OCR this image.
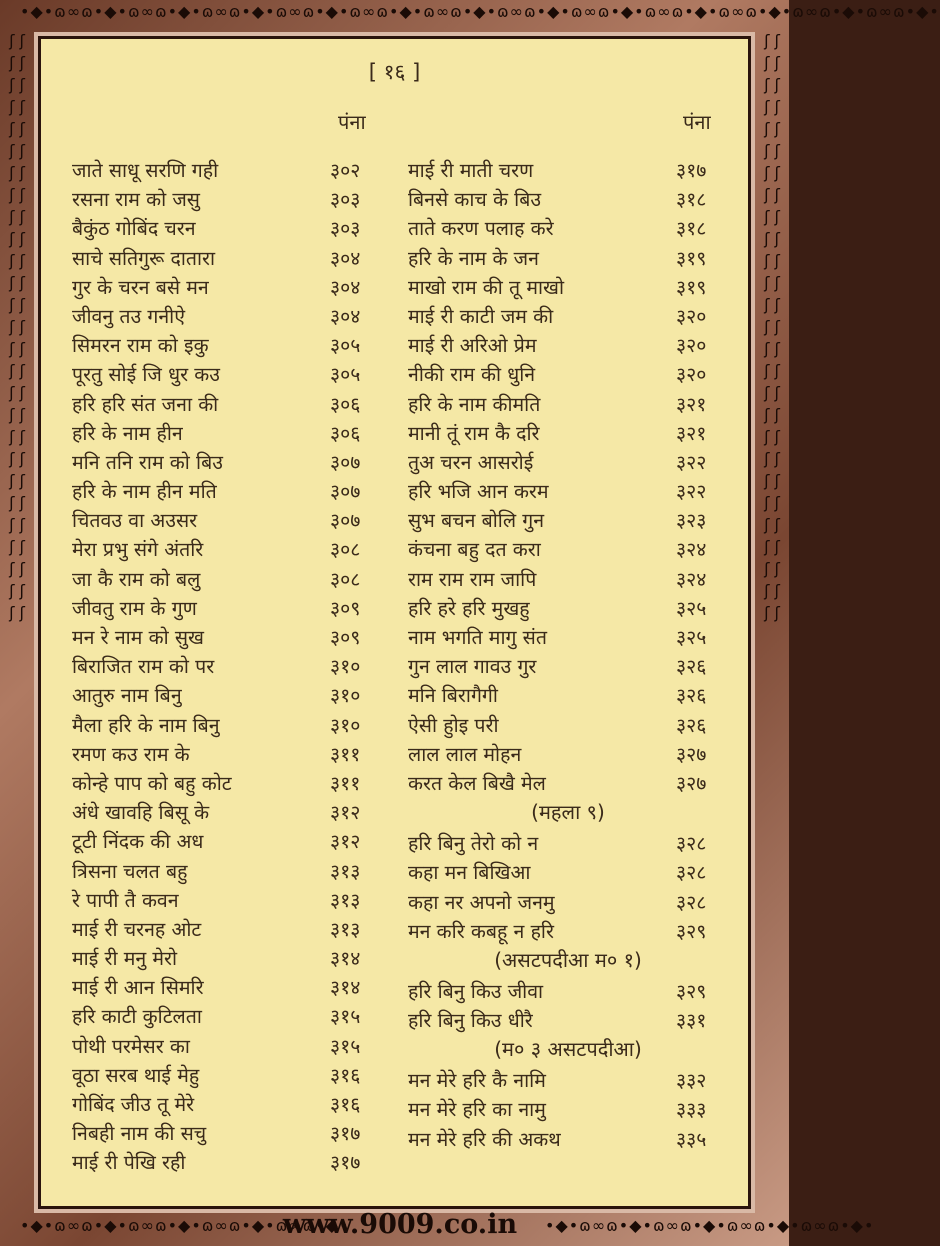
•◆•ɷ∞ɷ•◆•ɷ∞ɷ•◆•ɷ∞ɷ•◆•ɷ∞ɷ•◆•ɷ∞ɷ•◆•ɷ∞ɷ•◆•ɷ∞ɷ•◆•ɷ∞ɷ•◆•ɷ∞ɷ•◆•ɷ∞ɷ•◆•ɷ∞ɷ•◆•ɷ∞ɷ•◆•
ʃ ʃ ʃ ʃ ʃ ʃ ʃ ʃ ʃ ʃ ʃ ʃ ʃ ʃ ʃ ʃ ʃ ʃ ʃ ʃ ʃ ʃ ʃ ʃ ʃ ʃ ʃ ʃ ʃ ʃ ʃ ʃ ʃ ʃ ʃ ʃ ʃ ʃ ʃ ʃ ʃ ʃ ʃ ʃ ʃ ʃ ʃ ʃ ʃ ʃ ʃ ʃ ʃ ʃ
ʃ ʃ ʃ ʃ ʃ ʃ ʃ ʃ ʃ ʃ ʃ ʃ ʃ ʃ ʃ ʃ ʃ ʃ ʃ ʃ ʃ ʃ ʃ ʃ ʃ ʃ ʃ ʃ ʃ ʃ ʃ ʃ ʃ ʃ ʃ ʃ ʃ ʃ ʃ ʃ ʃ ʃ ʃ ʃ ʃ ʃ ʃ ʃ ʃ ʃ ʃ ʃ ʃ ʃ
•◆•ɷ∞ɷ•◆•ɷ∞ɷ•◆•ɷ∞ɷ•◆•ɷ∞ɷ•◆•	•◆•ɷ∞ɷ•◆•ɷ∞ɷ•◆•ɷ∞ɷ•◆•ɷ∞ɷ•◆•
[ १६ ]
पंना	पंना
जाते साधू सरणि गही	३०२
रसना राम को जसु	३०३
बैकुंठ गोबिंद चरन	३०३
साचे सतिगुरू दातारा	३०४
गुर के चरन बसे मन	३०४
जीवनु तउ गनीऐ	३०४
सिमरन राम को इकु	३०५
पूरतु सोई जि धुर कउ	३०५
हरि हरि संत जना की	३०६
हरि के नाम हीन	३०६
मनि तनि राम को बिउ	३०७
हरि के नाम हीन मति	३०७
चितवउ वा अउसर	३०७
मेरा प्रभु संगे अंतरि	३०८
जा कै राम को बलु	३०८
जीवतु राम के गुण	३०९
मन रे नाम को सुख	३०९
बिराजित राम को पर	३१०
आतुरु नाम बिनु	३१०
मैला हरि के नाम बिनु	३१०
रमण कउ राम के	३११
कोन्हे पाप को बहु कोट	३११
अंधे खावहि बिसू के	३१२
टूटी निंदक की अध	३१२
त्रिसना चलत बहु	३१३
रे पापी तै कवन	३१३
माई री चरनह ओट	३१३
माई री मनु मेरो	३१४
माई री आन सिमरि	३१४
हरि काटी कुटिलता	३१५
पोथी परमेसर का	३१५
वूठा सरब थाई मेहु	३१६
गोबिंद जीउ तू मेरे	३१६
निबही नाम की सचु	३१७
माई री पेखि रही	३१७
माई री माती चरण	३१७
बिनसे काच के बिउ	३१८
ताते करण पलाह करे	३१८
हरि के नाम के जन	३१९
माखो राम की तू माखो	३१९
माई री काटी जम की	३२०
माई री अरिओ प्रेम	३२०
नीकी राम की धुनि	३२०
हरि के नाम कीमति	३२१
मानी तूं राम कै दरि	३२१
तुअ चरन आसरोई	३२२
हरि भजि आन करम	३२२
सुभ बचन बोलि गुन	३२३
कंचना बहु दत करा	३२४
राम राम राम जापि	३२४
हरि हरे हरि मुखहु	३२५
नाम भगति मागु संत	३२५
गुन लाल गावउ गुर	३२६
मनि बिरागैगी	३२६
ऐसी हुोइ परी	३२६
लाल लाल मोहन	३२७
करत केल बिखै मेल	३२७
(महला ९)
हरि बिनु तेरो को न	३२८
कहा मन बिखिआ	३२८
कहा नर अपनो जनमु	३२८
मन करि कबहू न हरि	३२९
(असटपदीआ म० १)
हरि बिनु किउ जीवा	३२९
हरि बिनु किउ धीरै	३३१
(म० ३ असटपदीआ)
मन मेरे हरि कै नामि	३३२
मन मेरे हरि का नामु	३३३
मन मेरे हरि की अकथ	३३५
www.9009.co.in
